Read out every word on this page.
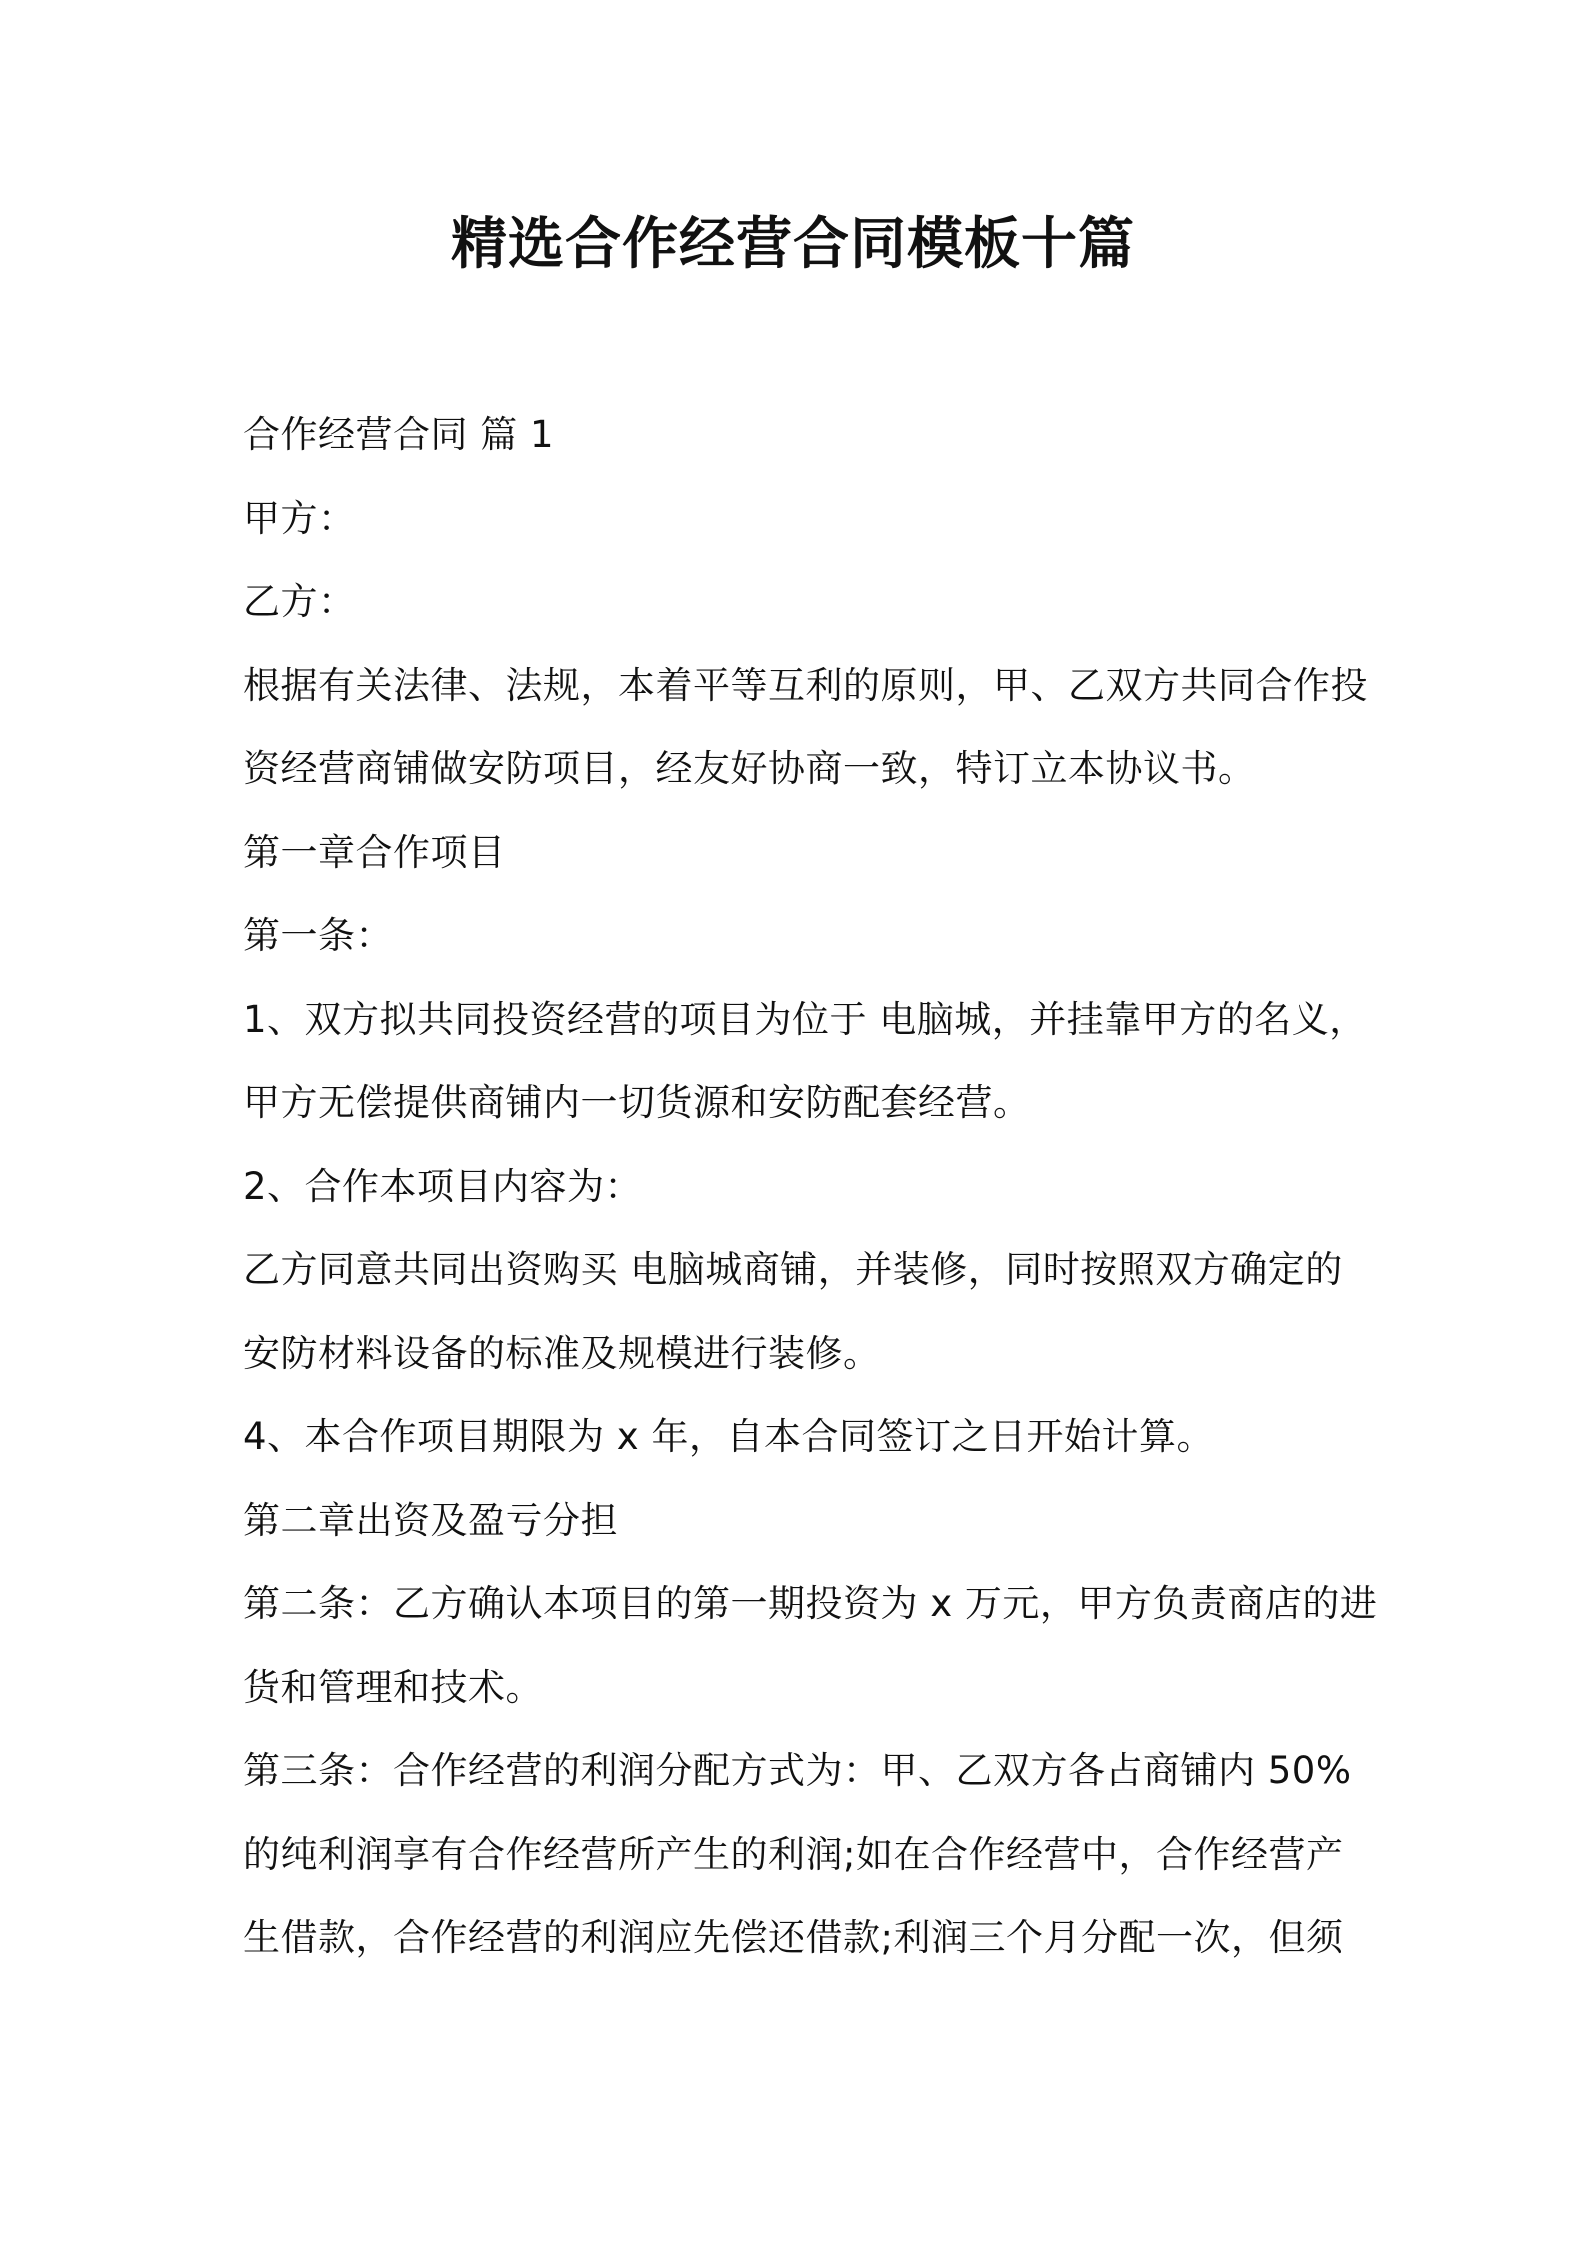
精选合作经营合同模板十篇
合作经营合同 篇 1
甲方：
乙方：
根据有关法律、法规，本着平等互利的原则，甲、乙双方共同合作投
资经营商铺做安防项目，经友好协商一致，特订立本协议书。
第一章合作项目
第一条：
1、双方拟共同投资经营的项目为位于 电脑城，并挂靠甲方的名义，
甲方无偿提供商铺内一切货源和安防配套经营。
2、合作本项目内容为：
乙方同意共同出资购买 电脑城商铺，并装修，同时按照双方确定的
安防材料设备的标准及规模进行装修。
4、本合作项目期限为 x 年，自本合同签订之日开始计算。
第二章出资及盈亏分担
第二条：乙方确认本项目的第一期投资为 x 万元，甲方负责商店的进
货和管理和技术。
第三条：合作经营的利润分配方式为：甲、乙双方各占商铺内 50%
的纯利润享有合作经营所产生的利润;如在合作经营中，合作经营产
生借款，合作经营的利润应先偿还借款;利润三个月分配一次，但须
